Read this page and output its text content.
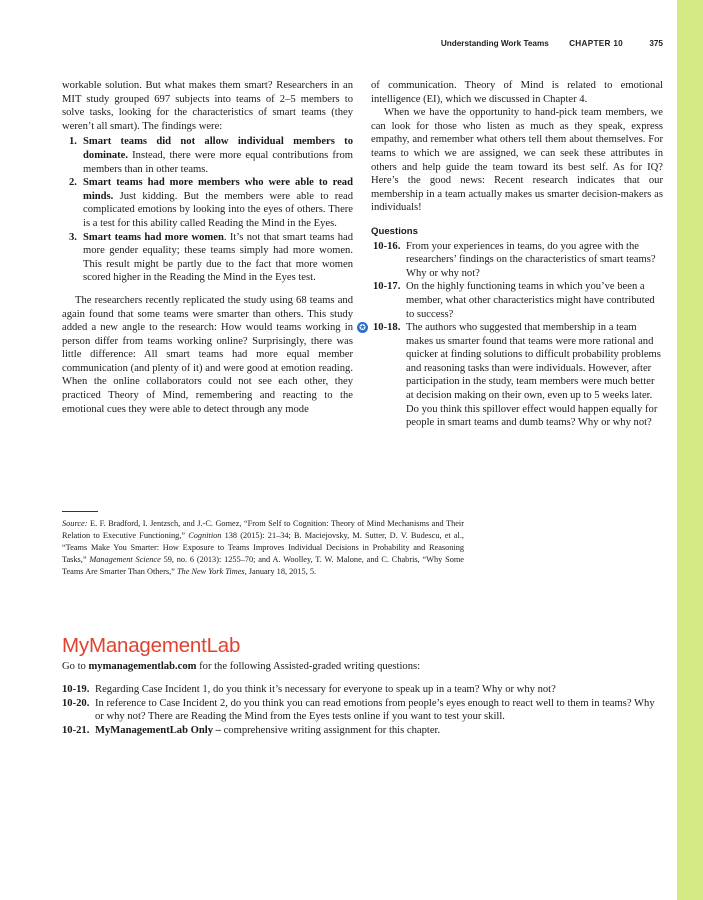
Understanding Work Teams CHAPTER 10	375

workable solution. But what makes them smart? Researchers in an MIT study grouped 697 subjects into teams of 2–5 members to solve tasks, looking for the characteristics of smart teams (they weren’t all smart). The findings were:

1. Smart teams did not allow individual members to dominate. Instead, there were more equal contributions from members than in other teams.
2. Smart teams had more members who were able to read minds. Just kidding. But the members were able to read complicated emotions by looking into the eyes of others. There is a test for this ability called Reading the Mind in the Eyes.
3. Smart teams had more women. It’s not that smart teams had more gender equality; these teams simply had more women. This result might be partly due to the fact that more women scored higher in the Reading the Mind in the Eyes test.

The researchers recently replicated the study using 68 teams and again found that some teams were smarter than others. This study added a new angle to the research: How would teams working in person differ from teams working online? Surprisingly, there was little difference: All smart teams had more equal member communication (and plenty of it) and were good at emotion reading. When the online collaborators could not see each other, they practiced Theory of Mind, remembering and reacting to the emotional cues they were able to detect through any mode

of communication. Theory of Mind is related to emotional intelligence (EI), which we discussed in Chapter 4.

When we have the opportunity to hand-pick team members, we can look for those who listen as much as they speak, express empathy, and remember what others tell them about themselves. For teams to which we are assigned, we can seek these attributes in others and help guide the team toward its best self. As for IQ? Here’s the good news: Recent research indicates that our membership in a team actually makes us smarter decision-makers as individuals!

Questions
10-16. From your experiences in teams, do you agree with the researchers’ findings on the characteristics of smart teams? Why or why not?
10-17. On the highly functioning teams in which you’ve been a member, what other characteristics might have contributed to success?
✪ 10-18. The authors who suggested that membership in a team makes us smarter found that teams were more rational and quicker at finding solutions to difficult probability problems and reasoning tasks than were individuals. However, after participation in the study, team members were much better at decision making on their own, even up to 5 weeks later. Do you think this spillover effect would happen equally for people in smart teams and dumb teams? Why or why not?
Source: E. F. Bradford, I. Jentzsch, and J.-C. Gomez, “From Self to Cognition: Theory of Mind Mechanisms and Their Relation to Executive Functioning,” Cognition 138 (2015): 21–34; B. Maciejovsky, M. Sutter, D. V. Budescu, et al., “Teams Make You Smarter: How Exposure to Teams Improves Individual Decisions in Probability and Reasoning Tasks,” Management Science 59, no. 6 (2013): 1255–70; and A. Woolley, T. W. Malone, and C. Chabris, “Why Some Teams Are Smarter Than Others,” The New York Times, January 18, 2015, 5.
MyManagementLab
Go to mymanagementlab.com for the following Assisted-graded writing questions:
10-19. Regarding Case Incident 1, do you think it’s necessary for everyone to speak up in a team? Why or why not?
10-20. In reference to Case Incident 2, do you think you can read emotions from people’s eyes enough to react well to them in teams? Why or why not? There are Reading the Mind from the Eyes tests online if you want to test your skill.
10-21. MyManagementLab Only – comprehensive writing assignment for this chapter.
